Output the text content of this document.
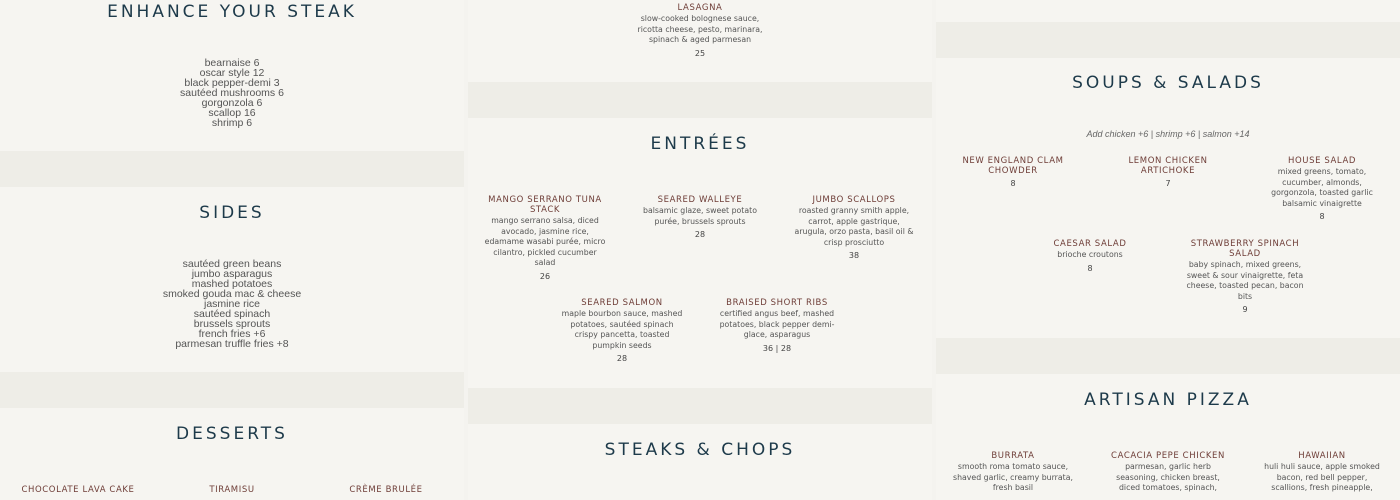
ENHANCE YOUR STEAK
bearnaise 6
oscar style 12
black pepper-demi 3
sautéed mushrooms 6
gorgonzola 6
scallop 16
shrimp 6
SIDES
sautéed green beans
jumbo asparagus
mashed potatoes
smoked gouda mac & cheese
jasmine rice
sautéed spinach
brussels sprouts
french fries +6
parmesan truffle fries +8
DESSERTS
CHOCOLATE LAVA CAKE	TIRAMISU	CRÈME BRULÉE
LASAGNA
slow-cooked bolognese sauce, ricotta cheese, pesto, marinara, spinach & aged parmesan
25
ENTRÉES
MANGO SERRANO TUNA STACK
mango serrano salsa, diced avocado, jasmine rice, edamame wasabi purée, micro cilantro, pickled cucumber salad
26
SEARED WALLEYE
balsamic glaze, sweet potato purée, brussels sprouts
28
JUMBO SCALLOPS
roasted granny smith apple, carrot, apple gastrique, arugula, orzo pasta, basil oil & crisp prosciutto
38
SEARED SALMON
maple bourbon sauce, mashed potatoes, sautéed spinach crispy pancetta, toasted pumpkin seeds
28
BRAISED SHORT RIBS
certified angus beef, mashed potatoes, black pepper demi-glace, asparagus
36 | 28
STEAKS & CHOPS
SOUPS & SALADS
Add chicken +6 | shrimp +6 | salmon +14
NEW ENGLAND CLAM CHOWDER
8
LEMON CHICKEN ARTICHOKE
7
HOUSE SALAD
mixed greens, tomato, cucumber, almonds, gorgonzola, toasted garlic balsamic vinaigrette
8
CAESAR SALAD
brioche croutons
8
STRAWBERRY SPINACH SALAD
baby spinach, mixed greens, sweet & sour vinaigrette, feta cheese, toasted pecan, bacon bits
9
ARTISAN PIZZA
BURRATA
smooth roma tomato sauce, shaved garlic, creamy burrata, fresh basil
CACACIA PEPE CHICKEN
parmesan, garlic herb seasoning, chicken breast, diced tomatoes, spinach,
HAWAIIAN
huli huli sauce, apple smoked bacon, red bell pepper, scallions, fresh pineapple,
